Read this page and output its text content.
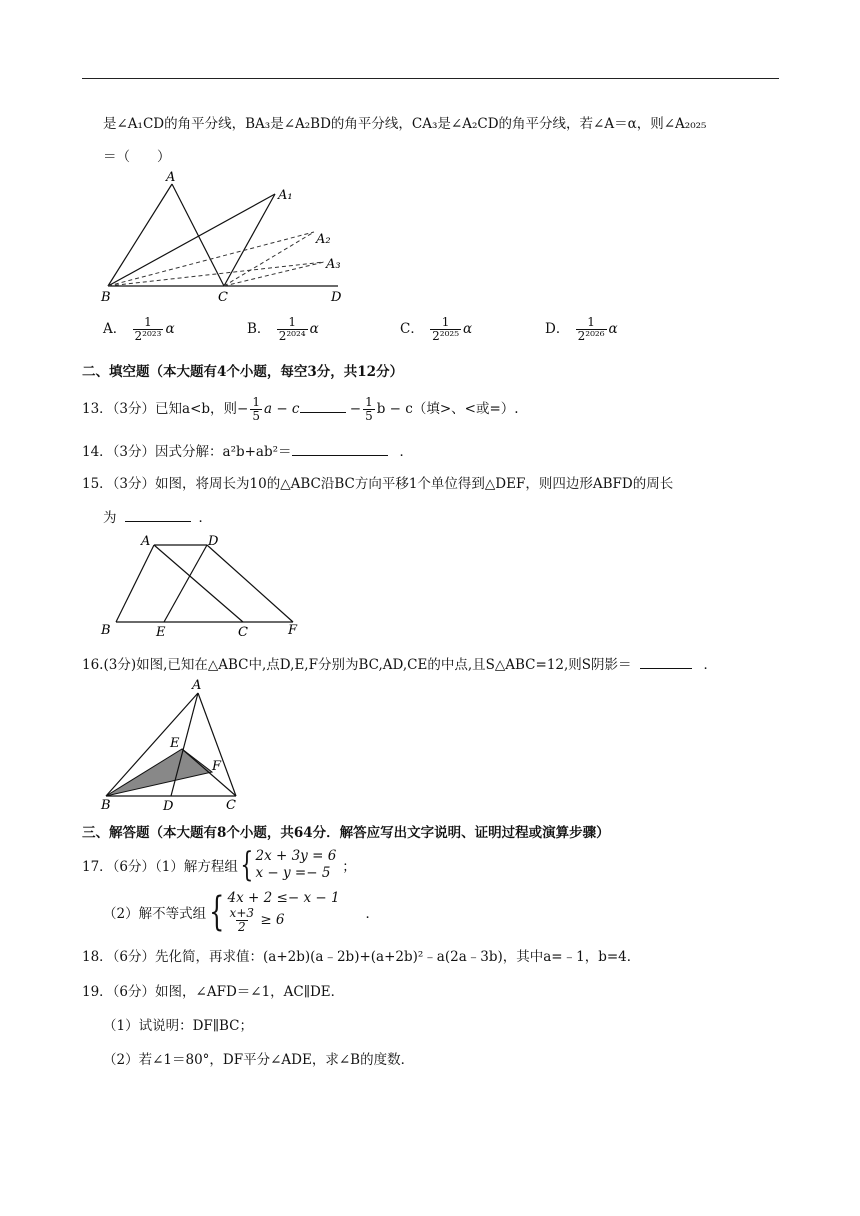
是∠A₁CD的角平分线，BA₃是∠A₂BD的角平分线，CA₃是∠A₂CD的角平分线，若∠A＝α，则∠A₂₀₂₅
＝（　　）
A
A₁
A₂
A₃
B	C	D
A． $\frac{1}{\text{2²⁰²³}}$ α	B． $\frac{1}{\text{2²⁰²⁴}}$ α	C． $\frac{1}{\text{2²⁰²⁵}}$ α	D． $\frac{1}{\text{2²⁰²⁶}}$ α
二、填空题（本大题有4个小题，每空3分，共12分）
13．（3分）已知a<b，则− $\frac{1}{5}$ a − c	− $\frac{1}{5}$ b − c（填>、<或=）.
14．（3分）因式分解：a²b+ab²＝	．
15．（3分）如图，将周长为10的△ABC沿BC方向平移1个单位得到△DEF，则四边形ABFD的周长
为	．
A	D
B	E	C	F
16.(3分)如图,已知在△ABC中,点D,E,F分别为BC,AD,CE的中点,且S△ABC=12,则S阴影＝	．
A
E
F
B	D	C
三、解答题（本大题有8个小题，共64分．解答应写出文字说明、证明过程或演算步骤）
17．（6分）（1）解方程组{ 2x + 3y = 6
x − y =− 5 ；
（2）解不等式组{ 4x + 2 ≤− x − 1
$\frac{x+3}{2} \ge 6$	．
18．（6分）先化简，再求值：(a+2b)(a﹣2b)+(a+2b)²﹣a(2a﹣3b)，其中a=﹣1，b=4．
19．（6分）如图，∠AFD＝∠1，AC∥DE．
（1）试说明：DF∥BC；
（2）若∠1＝80°，DF平分∠ADE，求∠B的度数．
